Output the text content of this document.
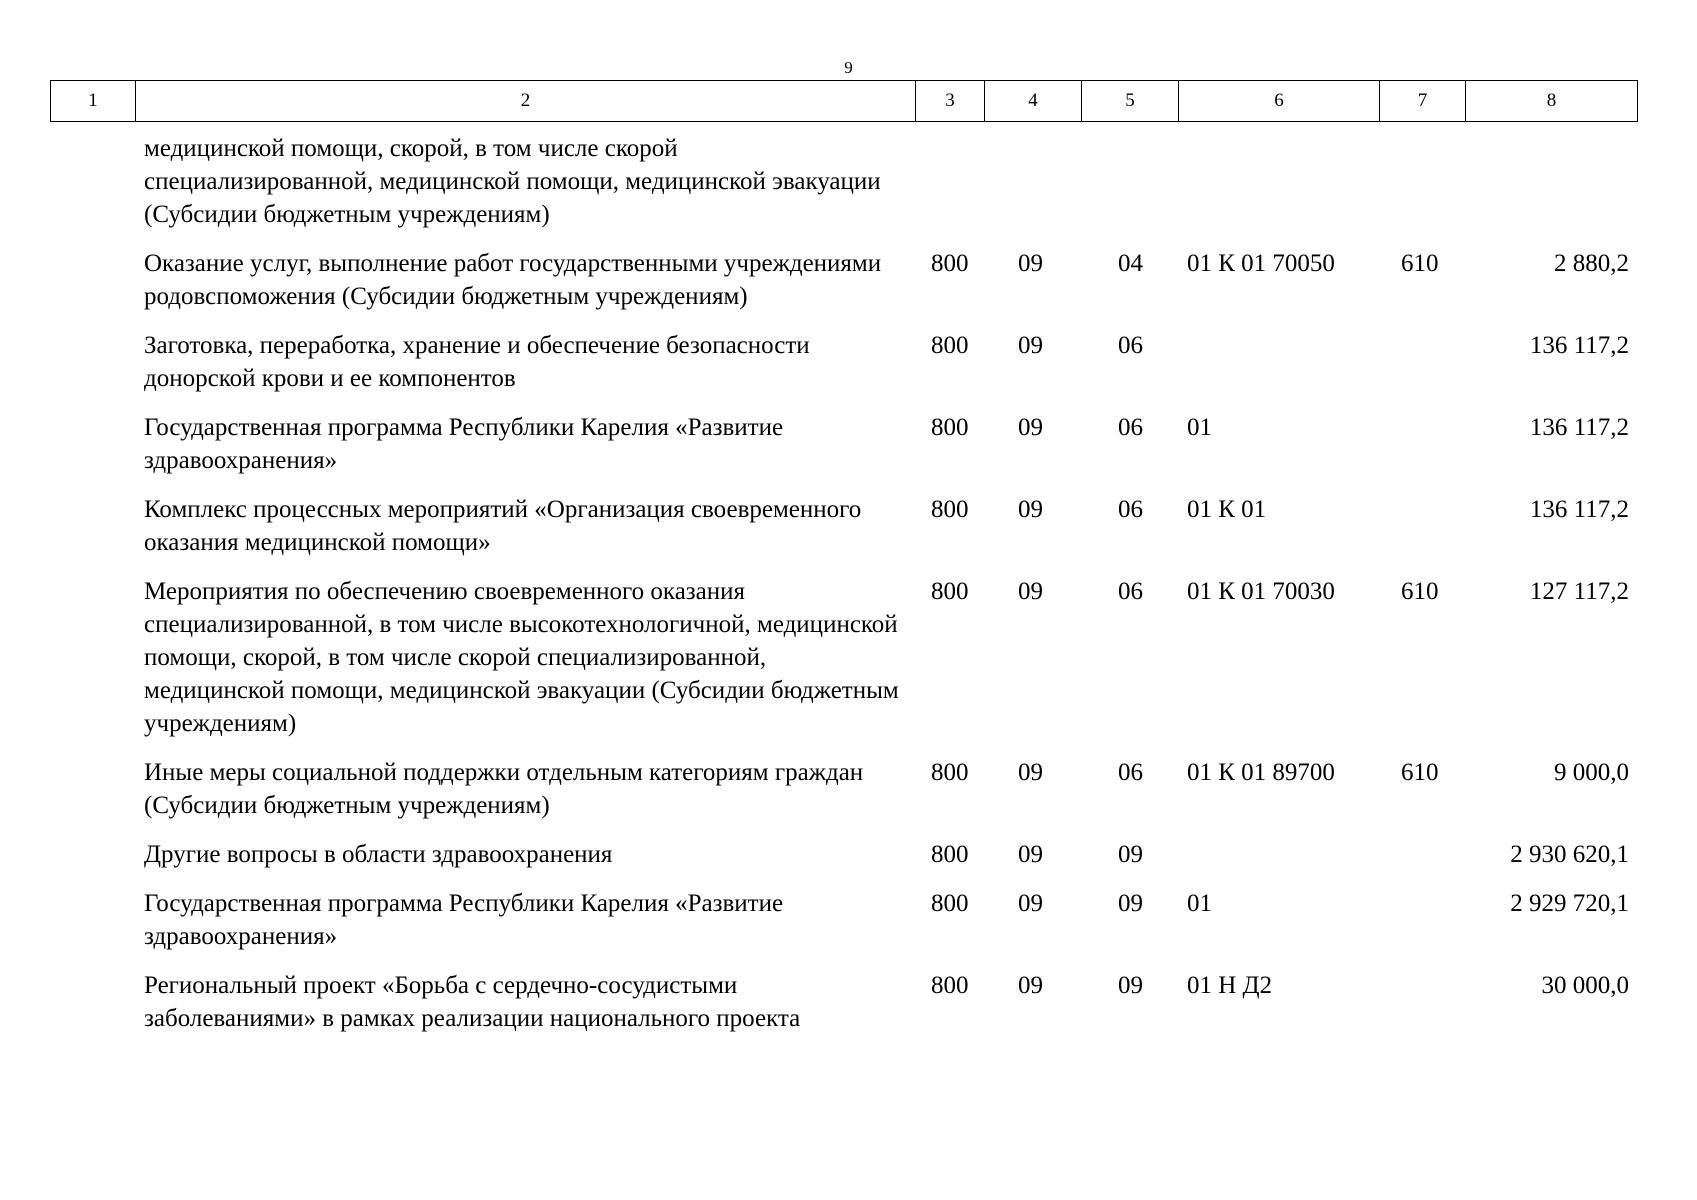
9
1	2	3	4	5	6	7	8
медицинской помощи, скорой, в том числе скорой специализированной, медицинской помощи, медицинской эвакуации (Субсидии бюджетным учреждениям)						
Оказание услуг, выполнение работ государственными учреждениями родовспоможения (Субсидии бюджетным учреждениям)	800	09	04	01 К 01 70050	610	2 880,2
Заготовка, переработка, хранение и обеспечение безопасности донорской крови и ее компонентов	800	09	06			136 117,2
Государственная программа Республики Карелия «Развитие здравоохранения»	800	09	06	01		136 117,2
Комплекс процессных мероприятий «Организация своевременного оказания медицинской помощи»	800	09	06	01 К 01		136 117,2
Мероприятия по обеспечению своевременного оказания специализированной, в том числе высокотехнологичной, медицинской помощи, скорой, в том числе скорой специализированной, медицинской помощи, медицинской эвакуации (Субсидии бюджетным учреждениям)	800	09	06	01 К 01 70030	610	127 117,2
Иные меры социальной поддержки отдельным категориям граждан (Субсидии бюджетным учреждениям)	800	09	06	01 К 01 89700	610	9 000,0
Другие вопросы в области здравоохранения	800	09	09			2 930 620,1
Государственная программа Республики Карелия «Развитие здравоохранения»	800	09	09	01		2 929 720,1
Региональный проект «Борьба с сердечно-сосудистыми заболеваниями» в рамках реализации национального проекта	800	09	09	01 Н Д2		30 000,0
